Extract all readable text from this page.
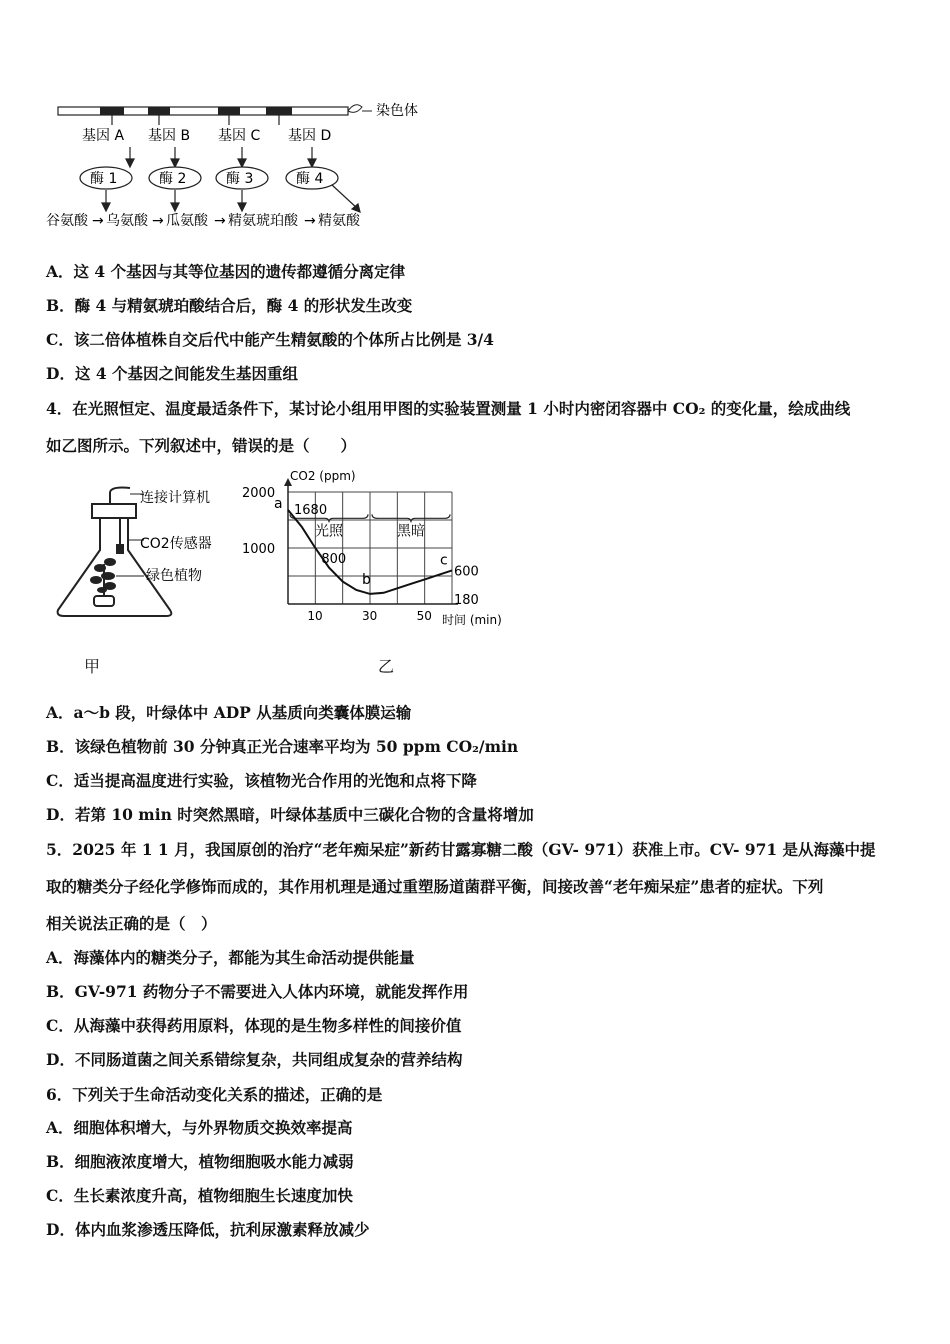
染色体
基因 A 基因 B 基因 C 基因 D
酶 1	酶 2	酶 3	酶 4
谷氨酸 → 乌氨酸 → 瓜氨酸 → 精氨琥珀酸 → 精氨酸
A．这 4 个基因与其等位基因的遗传都遵循分离定律
B．酶 4 与精氨琥珀酸结合后，酶 4 的形状发生改变
C．该二倍体植株自交后代中能产生精氨酸的个体所占比例是 3/4
D．这 4 个基因之间能发生基因重组
4．在光照恒定、温度最适条件下，某讨论小组用甲图的实验装置测量 1 小时内密闭容器中 CO₂ 的变化量，绘成曲线
如乙图所示。下列叙述中，错误的是（　　）
连接计算机
CO2传感器
绿色植物
甲
10	30	50
1000
2000
CO2 (ppm)
时间 (min)
光照	黑暗
a
b
c
1680
800
600
180
乙
A．a～b 段，叶绿体中 ADP 从基质向类囊体膜运输
B．该绿色植物前 30 分钟真正光合速率平均为 50 ppm CO₂/min
C．适当提高温度进行实验，该植物光合作用的光饱和点将下降
D．若第 10 min 时突然黑暗，叶绿体基质中三碳化合物的含量将增加
5．2025 年 1 1 月，我国原创的治疗“老年痴呆症”新药甘露寡糖二酸（GV- 971）获准上市。CV- 971 是从海藻中提
取的糖类分子经化学修饰而成的，其作用机理是通过重塑肠道菌群平衡，间接改善“老年痴呆症”患者的症状。下列
相关说法正确的是（　）
A．海藻体内的糖类分子，都能为其生命活动提供能量
B．GV-971 药物分子不需要进入人体内环境，就能发挥作用
C．从海藻中获得药用原料，体现的是生物多样性的间接价值
D．不同肠道菌之间关系错综复杂，共同组成复杂的营养结构
6．下列关于生命活动变化关系的描述，正确的是
A．细胞体积增大，与外界物质交换效率提高
B．细胞液浓度增大，植物细胞吸水能力减弱
C．生长素浓度升高，植物细胞生长速度加快
D．体内血浆渗透压降低，抗利尿激素释放减少
